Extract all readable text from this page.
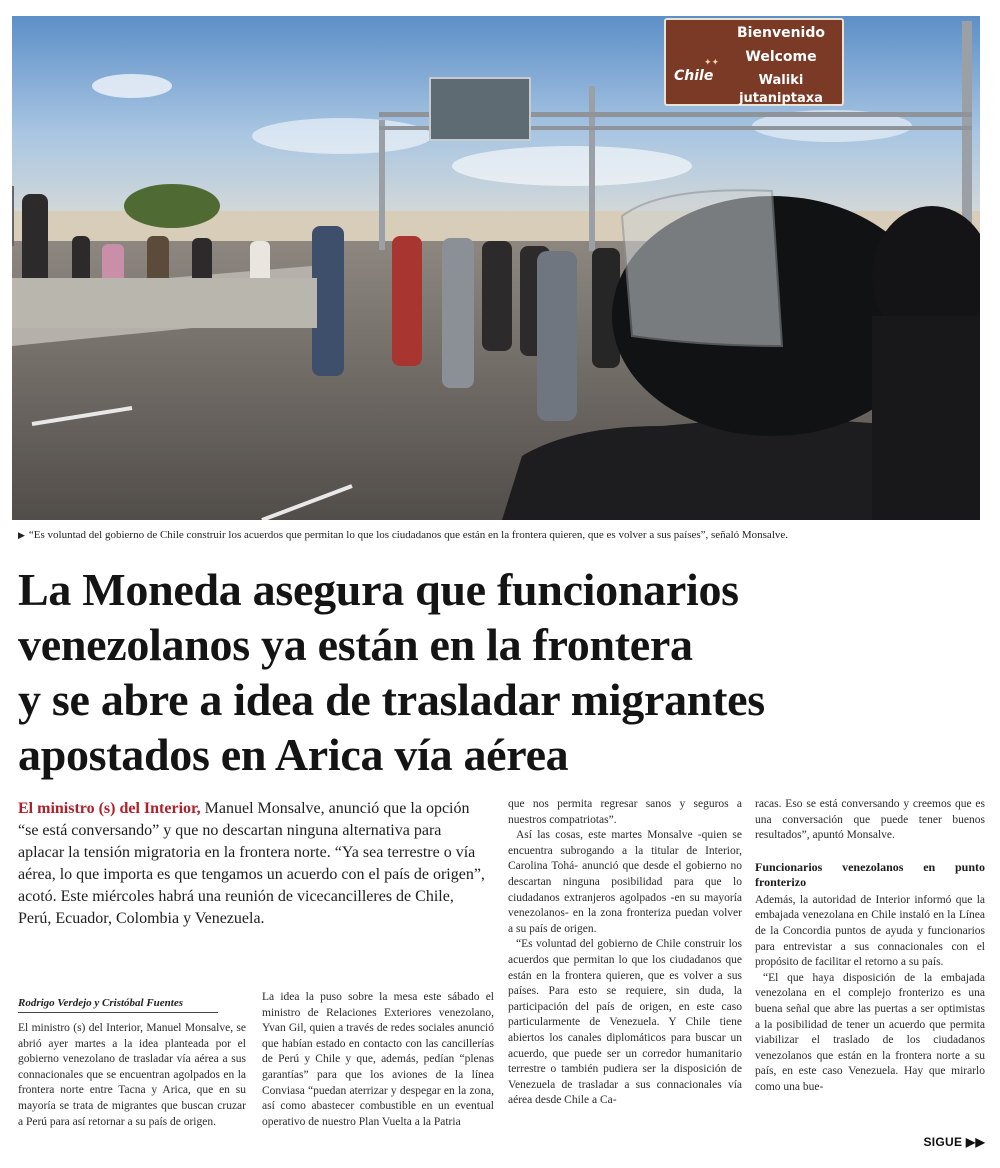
Bienvenido
Welcome
Waliki jutaniptaxa
Chile
✦✦
▶ “Es voluntad del gobierno de Chile construir los acuerdos que permitan lo que los ciudadanos que están en la frontera quieren, que es volver a sus países”, señaló Monsalve.
La Moneda asegura que funcionarios
venezolanos ya están en la frontera
y se abre a idea de trasladar migrantes
apostados en Arica vía aérea

El ministro (s) del Interior, Manuel Monsalve, anunció que la opción “se está conversando” y que no descartan ninguna alternativa para aplacar la tensión migratoria en la frontera norte. “Ya sea terrestre o vía aérea, lo que importa es que tengamos un acuerdo con el país de origen”, acotó. Este miércoles habrá una reunión de vicecancilleres de Chile, Perú, Ecuador, Colombia y Venezuela.

Rodrigo Verdejo y Cristóbal Fuentes

El ministro (s) del Interior, Manuel Monsalve, se abrió ayer martes a la idea planteada por el gobierno venezolano de trasladar vía aérea a sus connacionales que se encuentran agolpados en la frontera norte entre Tacna y Arica, que en su mayoría se trata de migrantes que buscan cruzar a Perú para así retornar a su país de origen.

La idea la puso sobre la mesa este sábado el ministro de Relaciones Exteriores venezolano, Yvan Gil, quien a través de redes sociales anunció que habían estado en contacto con las cancillerías de Perú y Chile y que, además, pedían “plenas garantías” para que los aviones de la línea Conviasa “puedan aterrizar y despegar en la zona, así como abastecer combustible en un eventual operativo de nuestro Plan Vuelta a la Patria

que nos permita regresar sanos y seguros a nuestros compatriotas”.

Así las cosas, este martes Monsalve -quien se encuentra subrogando a la titular de Interior, Carolina Tohá- anunció que desde el gobierno no descartan ninguna posibilidad para que lo ciudadanos extranjeros agolpados -en su mayoría venezolanos- en la zona fronteriza puedan volver a su país de origen.

“Es voluntad del gobierno de Chile construir los acuerdos que permitan lo que los ciudadanos que están en la frontera quieren, que es volver a sus países. Para esto se requiere, sin duda, la participación del país de origen, en este caso particularmente de Venezuela. Y Chile tiene abiertos los canales diplomáticos para buscar un acuerdo, que puede ser un corredor humanitario terrestre o también pudiera ser la disposición de Venezuela de trasladar a sus connacionales vía aérea desde Chile a Ca-

racas. Eso se está conversando y creemos que es una conversación que puede tener buenos resultados”, apuntó Monsalve.

Funcionarios venezolanos en punto fronterizo

Además, la autoridad de Interior informó que la embajada venezolana en Chile instaló en la Línea de la Concordia puntos de ayuda y funcionarios para entrevistar a sus connacionales con el propósito de facilitar el retorno a su país.

“El que haya disposición de la embajada venezolana en el complejo fronterizo es una buena señal que abre las puertas a ser optimistas a la posibilidad de tener un acuerdo que permita viabilizar el traslado de los ciudadanos venezolanos que están en la frontera norte a su país, en este caso Venezuela. Hay que mirarlo como una bue-

SIGUE ▶▶
